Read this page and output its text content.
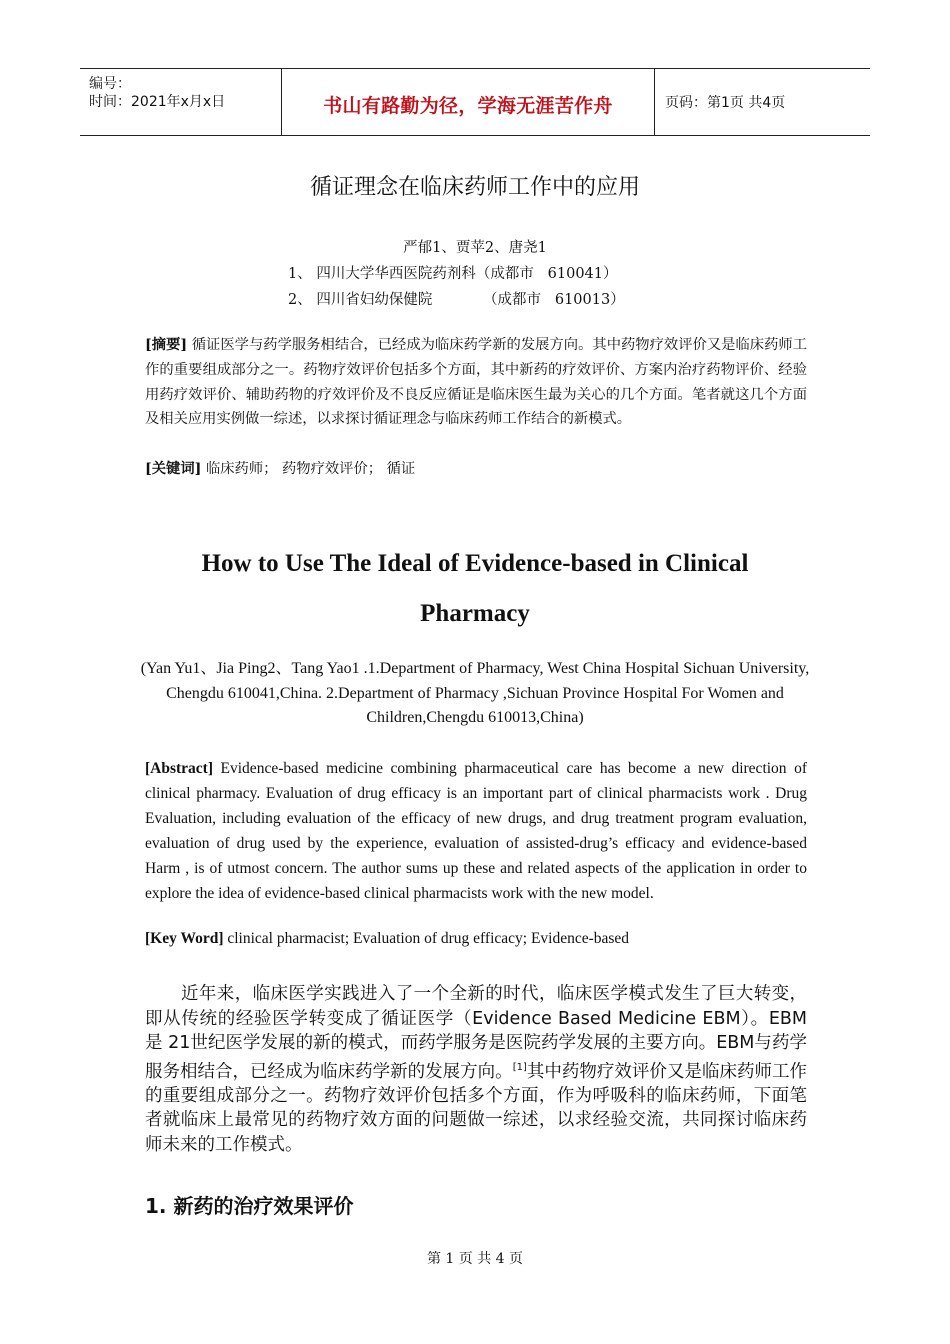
编号：
时间：2021年x月x日	书山有路勤为径，学海无涯苦作舟	页码：第1页 共4页
循证理念在临床药师工作中的应用
严郁1、贾苹2、唐尧1
1、 四川大学华西医院药剂科（成都市   610041）
2、 四川省妇幼保健院           （成都市   610013）
[摘要] 循证医学与药学服务相结合，已经成为临床药学新的发展方向。其中药物疗效评价又是临床药师工作的重要组成部分之一。药物疗效评价包括多个方面，其中新药的疗效评价、方案内治疗药物评价、经验用药疗效评价、辅助药物的疗效评价及不良反应循证是临床医生最为关心的几个方面。笔者就这几个方面及相关应用实例做一综述，以求探讨循证理念与临床药师工作结合的新模式。
[关键词] 临床药师； 药物疗效评价； 循证
How to Use The Ideal of Evidence-based in Clinical
Pharmacy
(Yan Yu1、Jia Ping2、Tang Yao1 .1.Department of Pharmacy, West China Hospital Sichuan University, Chengdu 610041,China. 2.Department of Pharmacy ,Sichuan Province Hospital For Women and Children,Chengdu 610013,China)
[Abstract] Evidence-based medicine combining pharmaceutical care has become a new direction of clinical pharmacy. Evaluation of drug efficacy is an important part of clinical pharmacists work . Drug Evaluation, including evaluation of the efficacy of new drugs, and drug treatment program evaluation, evaluation of drug used by the experience, evaluation of assisted-drug’s efficacy and evidence-based Harm , is of utmost concern. The author sums up these and related aspects of the application in order to explore the idea of evidence-based clinical pharmacists work with the new model.
[Key Word] clinical pharmacist; Evaluation of drug efficacy; Evidence-based
近年来，临床医学实践进入了一个全新的时代，临床医学模式发生了巨大转变，即从传统的经验医学转变成了循证医学（Evidence Based Medicine EBM）。EBM是 21世纪医学发展的新的模式，而药学服务是医院药学发展的主要方向。EBM与药学服务相结合，已经成为临床药学新的发展方向。[1]其中药物疗效评价又是临床药师工作的重要组成部分之一。药物疗效评价包括多个方面，作为呼吸科的临床药师，下面笔者就临床上最常见的药物疗效方面的问题做一综述，以求经验交流，共同探讨临床药师未来的工作模式。
1. 新药的治疗效果评价
第 1 页 共 4 页
